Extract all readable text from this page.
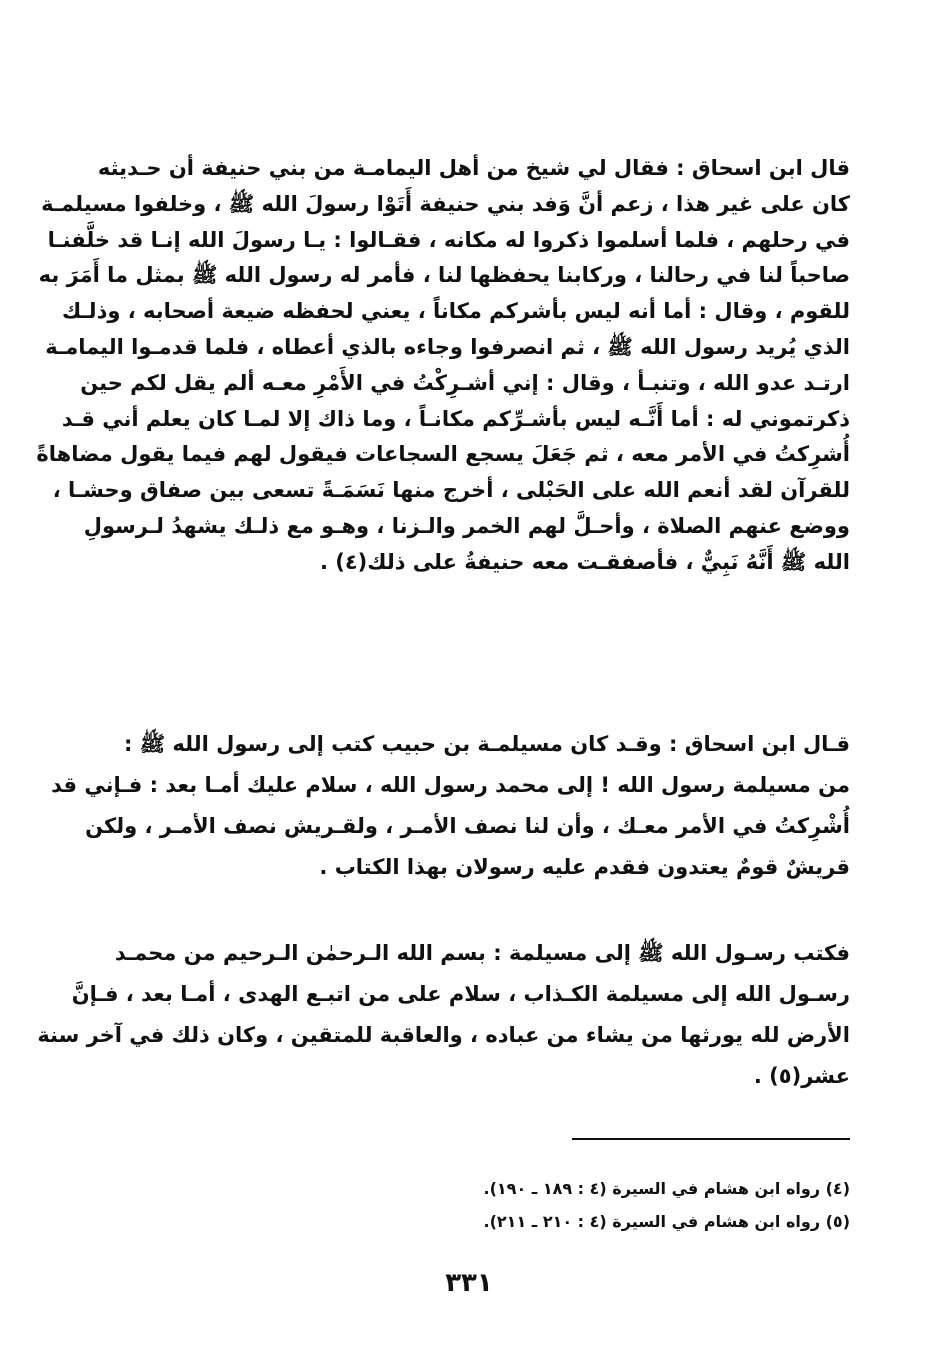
قال ابن اسحاق : فقال لي شيخ من أهل اليمامـة من بني حنيفة أن حـديثه
كان على غير هذا ، زعم أنَّ وَفد بني حنيفة أَتَوْا رسولَ الله ﷺ ، وخلفوا مسيلمـة
في رحلهم ، فلما أسلموا ذكروا له مكانه ، فقـالوا : يـا رسولَ الله إنـا قد خلَّفنـا
صاحباً لنا في رحالنا ، وركابنا يحفظها لنا ، فأمر له رسول الله ﷺ بمثل ما أَمَرَ به
للقوم ، وقال : أما أنه ليس بأشركم مكاناً ، يعني لحفظه ضيعة أصحابه ، وذلـك
الذي يُريد رسول الله ﷺ ، ثم انصرفوا وجاءه بالذي أعطاه ، فلما قدمـوا اليمامـة
ارتـد عدو الله ، وتنبـأ ، وقال : إني أشـرِكْتُ في الأَمْرِ معـه ألم يقل لكم حين
ذكرتموني له : أما أَنَّـه ليس بأشـرِّكم مكانـاً ، وما ذاك إلا لمـا كان يعلم أني قـد
أُشرِكتُ في الأمر معه ، ثم جَعَلَ يسجع السجاعات فيقول لهم فيما يقول مضاهاةً
للقرآن لقد أنعم الله على الحَبْلى ، أخرج منها نَسَمَـةً تسعى بين صفاق وحشـا ،
ووضع عنهم الصلاة ، وأحـلَّ لهم الخمر والـزنا ، وهـو مع ذلـك يشهدُ لـرسولِ
الله ﷺ أَنَّهُ نَبِيٌّ ، فأصفقـت معه حنيفةُ على ذلك(٤) .
قـال ابن اسحاق : وقـد كان مسيلمـة بن حبيب كتب إلى رسول الله ﷺ :
من مسيلمة رسول الله ! إلى محمد رسول الله ، سلام عليك أمـا بعد : فـإني قد
أُشْرِكتُ في الأمر معـك ، وأن لنا نصف الأمـر ، ولقـريش نصف الأمـر ، ولكن
قريشٌ قومٌ يعتدون فقدم عليه رسولان بهذا الكتاب .
فكتب رسـول الله ﷺ إلى مسيلمة : بسم الله الـرحمٰن الـرحيم من محمـد
رسـول الله إلى مسيلمة الكـذاب ، سلام على من اتبـع الهدى ، أمـا بعد ، فـإنَّ
الأرض لله يورثها من يشاء من عباده ، والعاقبة للمتقين ، وكان ذلك في آخر سنة
عشر(٥) .
(٤) رواه ابن هشام في السيرة (٤ : ١٨٩ ـ ١٩٠).
(٥) رواه ابن هشام في السيرة (٤ : ٢١٠ ـ ٢١١).
٣٣١
